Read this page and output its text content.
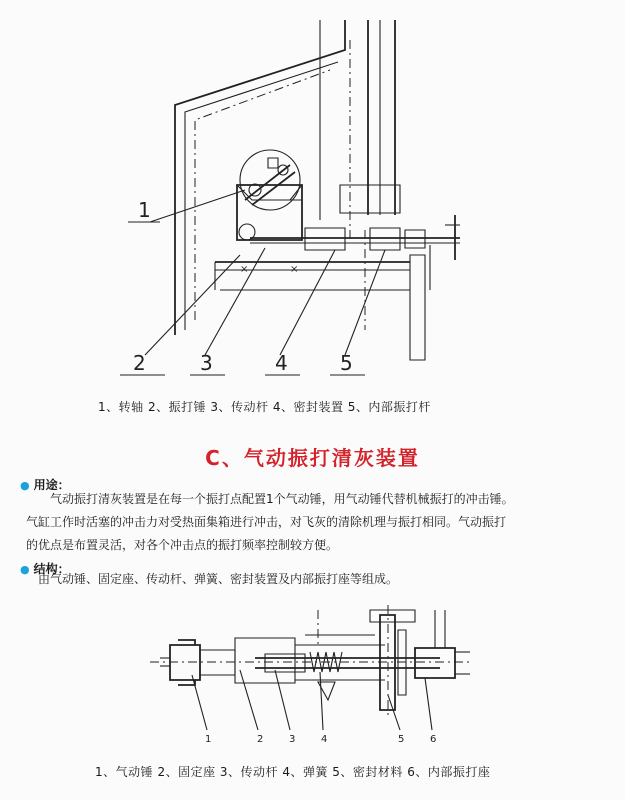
×	×
1
2	3	4	5
1、转轴 2、振打锤 3、传动杆 4、密封装置 5、内部振打杆
C、气动振打清灰装置
● 用途：
气动振打清灰装置是在每一个振打点配置1个气动锤，用气动锤代替机械振打的冲击锤。
气缸工作时活塞的冲击力对受热面集箱进行冲击，对飞灰的清除机理与振打相同。气动振打
的优点是布置灵活，对各个冲击点的振打频率控制较方便。
● 结构：
由气动锤、固定座、传动杆、弹簧、密封装置及内部振打座等组成。
1	2	3	4	5	6
1、气动锤 2、固定座 3、传动杆 4、弹簧 5、密封材料 6、内部振打座
